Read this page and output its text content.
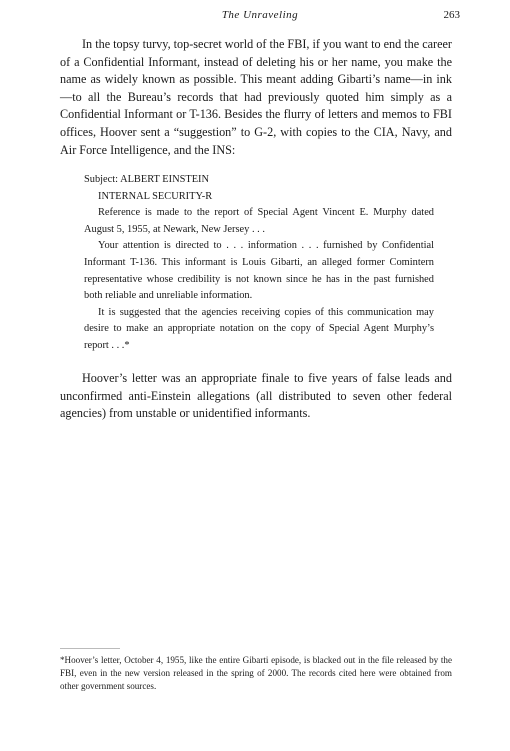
The Unraveling	263

In the topsy turvy, top-secret world of the FBI, if you want to end the career of a Confidential Informant, instead of deleting his or her name, you make the name as widely known as possible. This meant adding Gibarti’s name—in ink—to all the Bureau’s records that had previously quoted him simply as a Confidential Informant or T-136. Besides the flurry of letters and memos to FBI offices, Hoover sent a “suggestion” to G-2, with copies to the CIA, Navy, and Air Force Intelligence, and the INS:

Subject: ALBERT EINSTEIN

INTERNAL SECURITY-R

Reference is made to the report of Special Agent Vincent E. Murphy dated August 5, 1955, at Newark, New Jersey . . .

Your attention is directed to . . . information . . . furnished by Confidential Informant T-136. This informant is Louis Gibarti, an alleged former Comintern representative whose credibility is not known since he has in the past furnished both reliable and unreliable information.

It is suggested that the agencies receiving copies of this communication may desire to make an appropriate notation on the copy of Special Agent Murphy’s report . . .*

Hoover’s letter was an appropriate finale to five years of false leads and unconfirmed anti-Einstein allegations (all distributed to seven other federal agencies) from unstable or unidentified informants.

*Hoover’s letter, October 4, 1955, like the entire Gibarti episode, is blacked out in the file released by the FBI, even in the new version released in the spring of 2000. The records cited here were obtained from other government sources.
